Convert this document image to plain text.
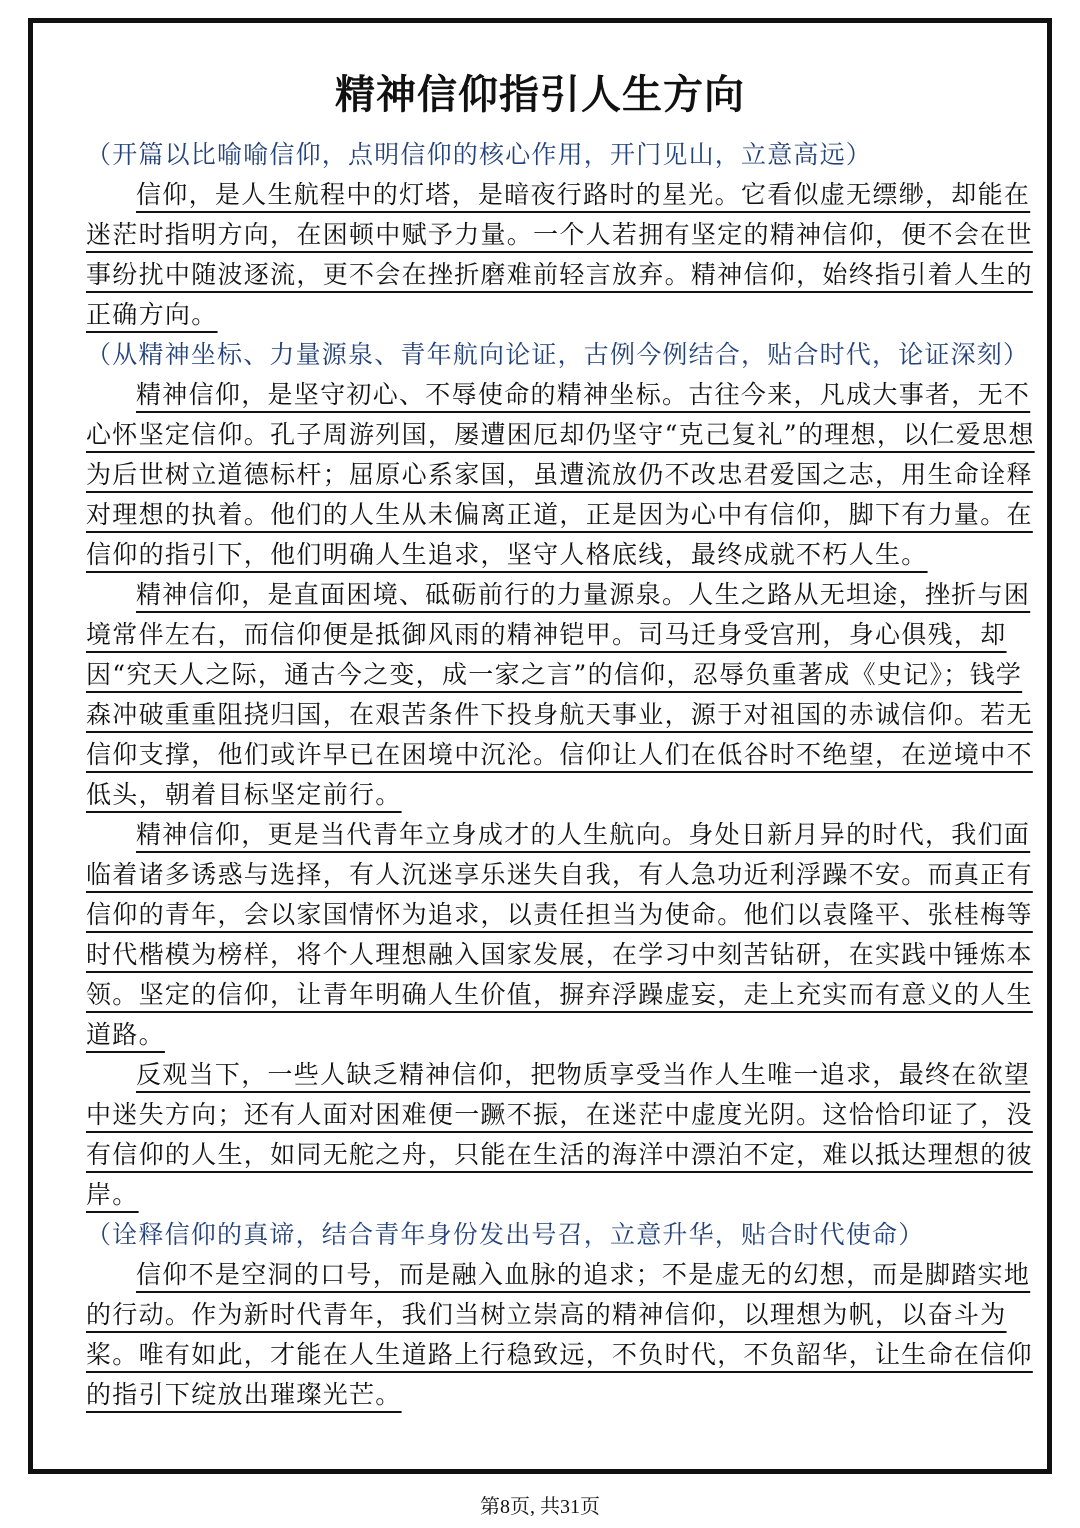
精神信仰指引人生方向
（开篇以比喻喻信仰，点明信仰的核心作用，开门见山，立意高远）
信仰，是人生航程中的灯塔，是暗夜行路时的星光。它看似虚无缥缈，却能在迷茫时指明方向，在困顿中赋予力量。一个人若拥有坚定的精神信仰，便不会在世事纷扰中随波逐流，更不会在挫折磨难前轻言放弃。精神信仰，始终指引着人生的正确方向。
（从精神坐标、力量源泉、青年航向论证，古例今例结合，贴合时代，论证深刻）
精神信仰，是坚守初心、不辱使命的精神坐标。古往今来，凡成大事者，无不心怀坚定信仰。孔子周游列国，屡遭困厄却仍坚守“克己复礼”的理想，以仁爱思想为后世树立道德标杆；屈原心系家国，虽遭流放仍不改忠君爱国之志，用生命诠释对理想的执着。他们的人生从未偏离正道，正是因为心中有信仰，脚下有力量。在信仰的指引下，他们明确人生追求，坚守人格底线，最终成就不朽人生。
精神信仰，是直面困境、砥砺前行的力量源泉。人生之路从无坦途，挫折与困境常伴左右，而信仰便是抵御风雨的精神铠甲。司马迁身受宫刑，身心俱残，却因“究天人之际，通古今之变，成一家之言”的信仰，忍辱负重著成《史记》；钱学森冲破重重阻挠归国，在艰苦条件下投身航天事业，源于对祖国的赤诚信仰。若无信仰支撑，他们或许早已在困境中沉沦。信仰让人们在低谷时不绝望，在逆境中不低头，朝着目标坚定前行。
精神信仰，更是当代青年立身成才的人生航向。身处日新月异的时代，我们面临着诸多诱惑与选择，有人沉迷享乐迷失自我，有人急功近利浮躁不安。而真正有信仰的青年，会以家国情怀为追求，以责任担当为使命。他们以袁隆平、张桂梅等时代楷模为榜样，将个人理想融入国家发展，在学习中刻苦钻研，在实践中锤炼本领。坚定的信仰，让青年明确人生价值，摒弃浮躁虚妄，走上充实而有意义的人生道路。
反观当下，一些人缺乏精神信仰，把物质享受当作人生唯一追求，最终在欲望中迷失方向；还有人面对困难便一蹶不振，在迷茫中虚度光阴。这恰恰印证了，没有信仰的人生，如同无舵之舟，只能在生活的海洋中漂泊不定，难以抵达理想的彼岸。
（诠释信仰的真谛，结合青年身份发出号召，立意升华，贴合时代使命）
信仰不是空洞的口号，而是融入血脉的追求；不是虚无的幻想，而是脚踏实地的行动。作为新时代青年，我们当树立崇高的精神信仰，以理想为帆，以奋斗为桨。唯有如此，才能在人生道路上行稳致远，不负时代，不负韶华，让生命在信仰的指引下绽放出璀璨光芒。
第8页, 共31页
